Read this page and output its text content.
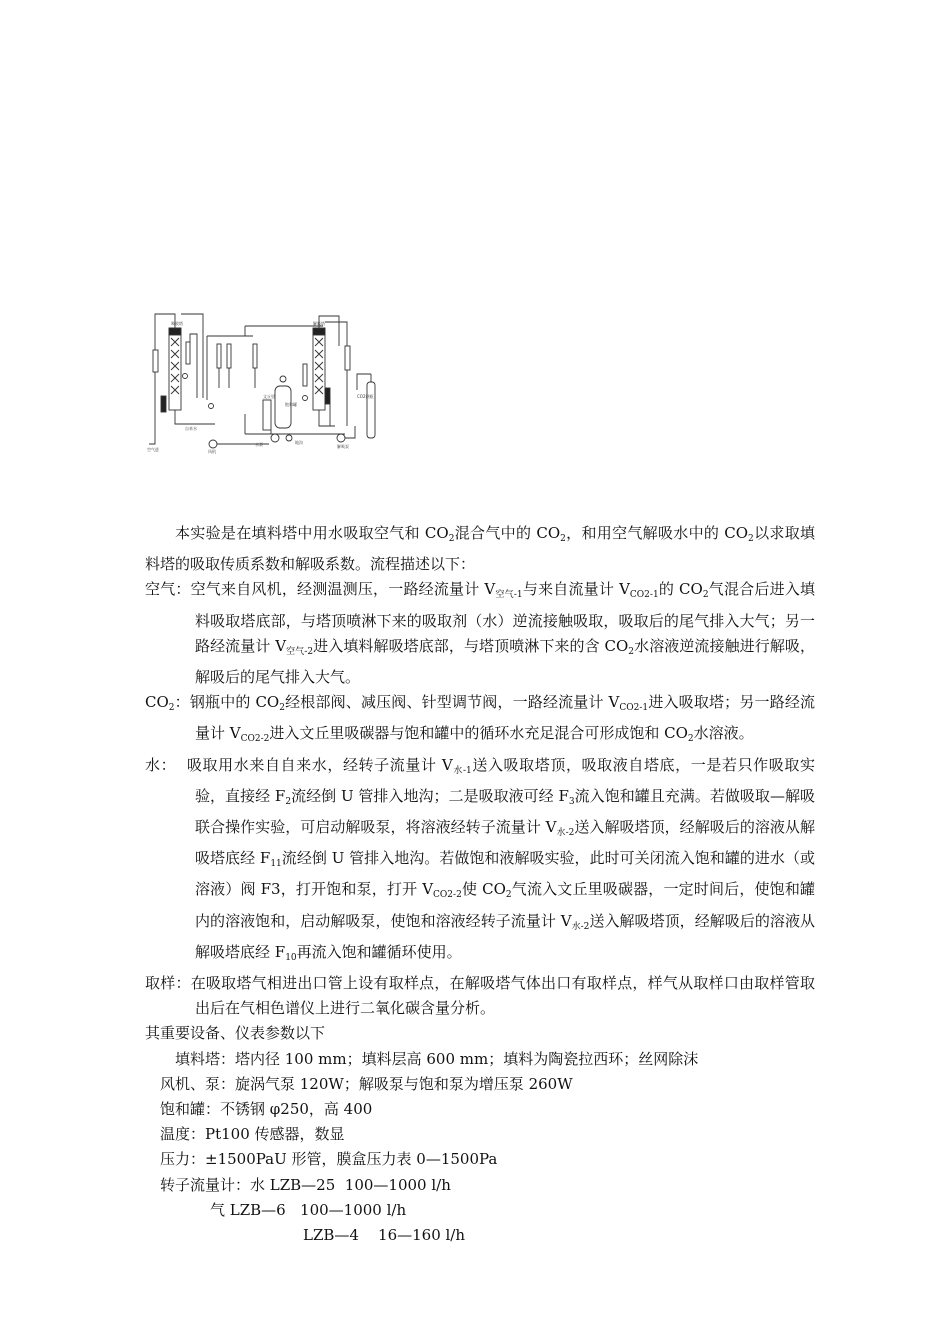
吸收塔	解吸塔
空气进
自来水
风机
水泵
饱和罐
文丘里
解吸泵
CO2钢瓶
地沟

本实验是在填料塔中用水吸取空气和 $CO_2$混合气中的 $CO_2$，和用空气解吸水中的 $CO_2$以求取填料塔的吸取传质系数和解吸系数。流程描述以下：

空气：空气来自风机，经测温测压，一路经流量计 $V_{空气-1}$与来自流量计 $V_{CO2-1}$的 $CO_2$气混合后进入填料吸取塔底部，与塔顶喷淋下来的吸取剂（水）逆流接触吸取，吸取后的尾气排入大气；另一路经流量计 $V_{空气-2}$进入填料解吸塔底部，与塔顶喷淋下来的含 $CO_2$水溶液逆流接触进行解吸，解吸后的尾气排入大气。

$CO_2$：钢瓶中的 $CO_2$经根部阀、减压阀、针型调节阀，一路经流量计 $V_{CO2-1}$进入吸取塔；另一路经流量计 $V_{CO2-2}$进入文丘里吸碳器与饱和罐中的循环水充足混合可形成饱和 $CO_2$水溶液。

水： 吸取用水来自自来水，经转子流量计 $V_{水-1}$送入吸取塔顶，吸取液自塔底，一是若只作吸取实验，直接经 $F_2$流经倒 U 管排入地沟；二是吸取液可经 $F_3$流入饱和罐且充满。若做吸取—解吸联合操作实验，可启动解吸泵，将溶液经转子流量计 $V_{水-2}$送入解吸塔顶，经解吸后的溶液从解吸塔底经 $F_{11}$流经倒 U 管排入地沟。若做饱和液解吸实验，此时可关闭流入饱和罐的进水（或溶液）阀 F3，打开饱和泵，打开 $V_{CO2-2}$使 $CO_2$气流入文丘里吸碳器，一定时间后，使饱和罐内的溶液饱和，启动解吸泵，使饱和溶液经转子流量计 $V_{水-2}$送入解吸塔顶，经解吸后的溶液从解吸塔底经 $F_{10}$再流入饱和罐循环使用。

取样：在吸取塔气相进出口管上设有取样点，在解吸塔气体出口有取样点，样气从取样口由取样管取出后在气相色谱仪上进行二氧化碳含量分析。

其重要设备、仪表参数以下

填料塔：塔内径 100 mm；填料层高 600 mm；填料为陶瓷拉西环；丝网除沫

风机、泵：旋涡气泵 120W；解吸泵与饱和泵为增压泵 260W

饱和罐：不锈钢 φ250，高 400

温度：Pt100 传感器，数显

压力：±1500PaU 形管，膜盒压力表 0—1500Pa

转子流量计：水 LZB—25  100—1000 l/h

气 LZB—6   100—1000 l/h

LZB—4    16—160 l/h
